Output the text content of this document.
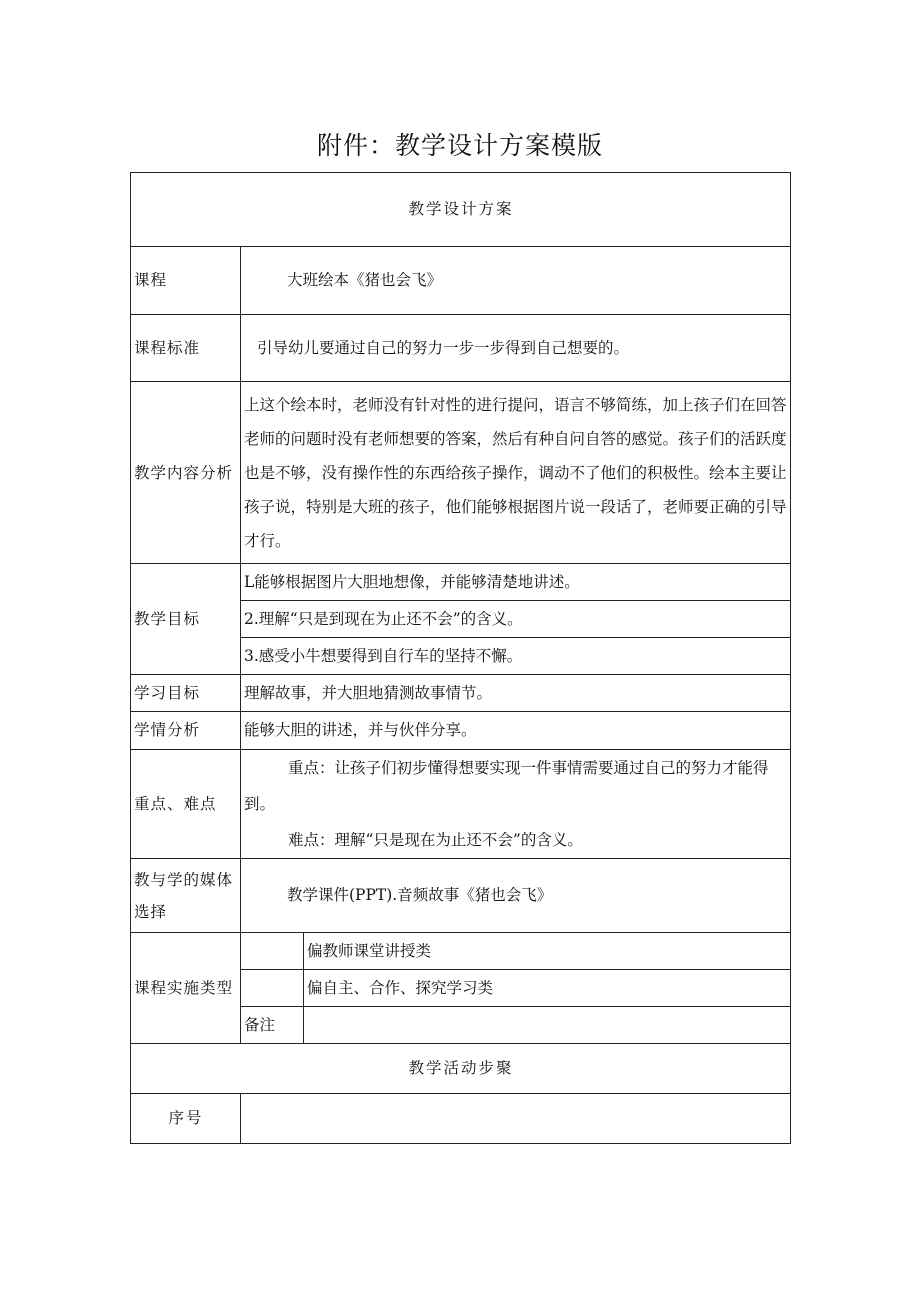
附件：教学设计方案模版
教学设计方案		
课程	大班绘本《猪也会飞》	
课程标准	引导幼儿要通过自己的努力一步一步得到自己想要的。	
教学内容分析	上这个绘本时，老师没有针对性的进行提问，语言不够简练，加上孩子们在回答老师的问题时没有老师想要的答案，然后有种自问自答的感觉。孩子们的活跃度也是不够，没有操作性的东西给孩子操作，调动不了他们的积极性。绘本主要让孩子说，特别是大班的孩子，他们能够根据图片说一段话了，老师要正确的引导才行。	

教学目标	L能够根据图片大胆地想像，并能够清楚地讲述。	
	2.理解“只是到现在为止还不会”的含义。	
	3.感受小牛想要得到自行车的坚持不懈。	
学习目标	理解故事，并大胆地猜测故事情节。	
学情分析	能够大胆的讲述，并与伙伴分享。	
重点、难点	重点：让孩子们初步懂得想要实现一件事情需要通过自己的努力才能得到。

难点：理解“只是现在为止还不会”的含义。	

教与学的媒体选择	教学课件(PPT).音频故事《猪也会飞》	
课程实施类型		偏教师课堂讲授类
		偏自主、合作、探究学习类
	备注	
教学活动步聚		
序号		
